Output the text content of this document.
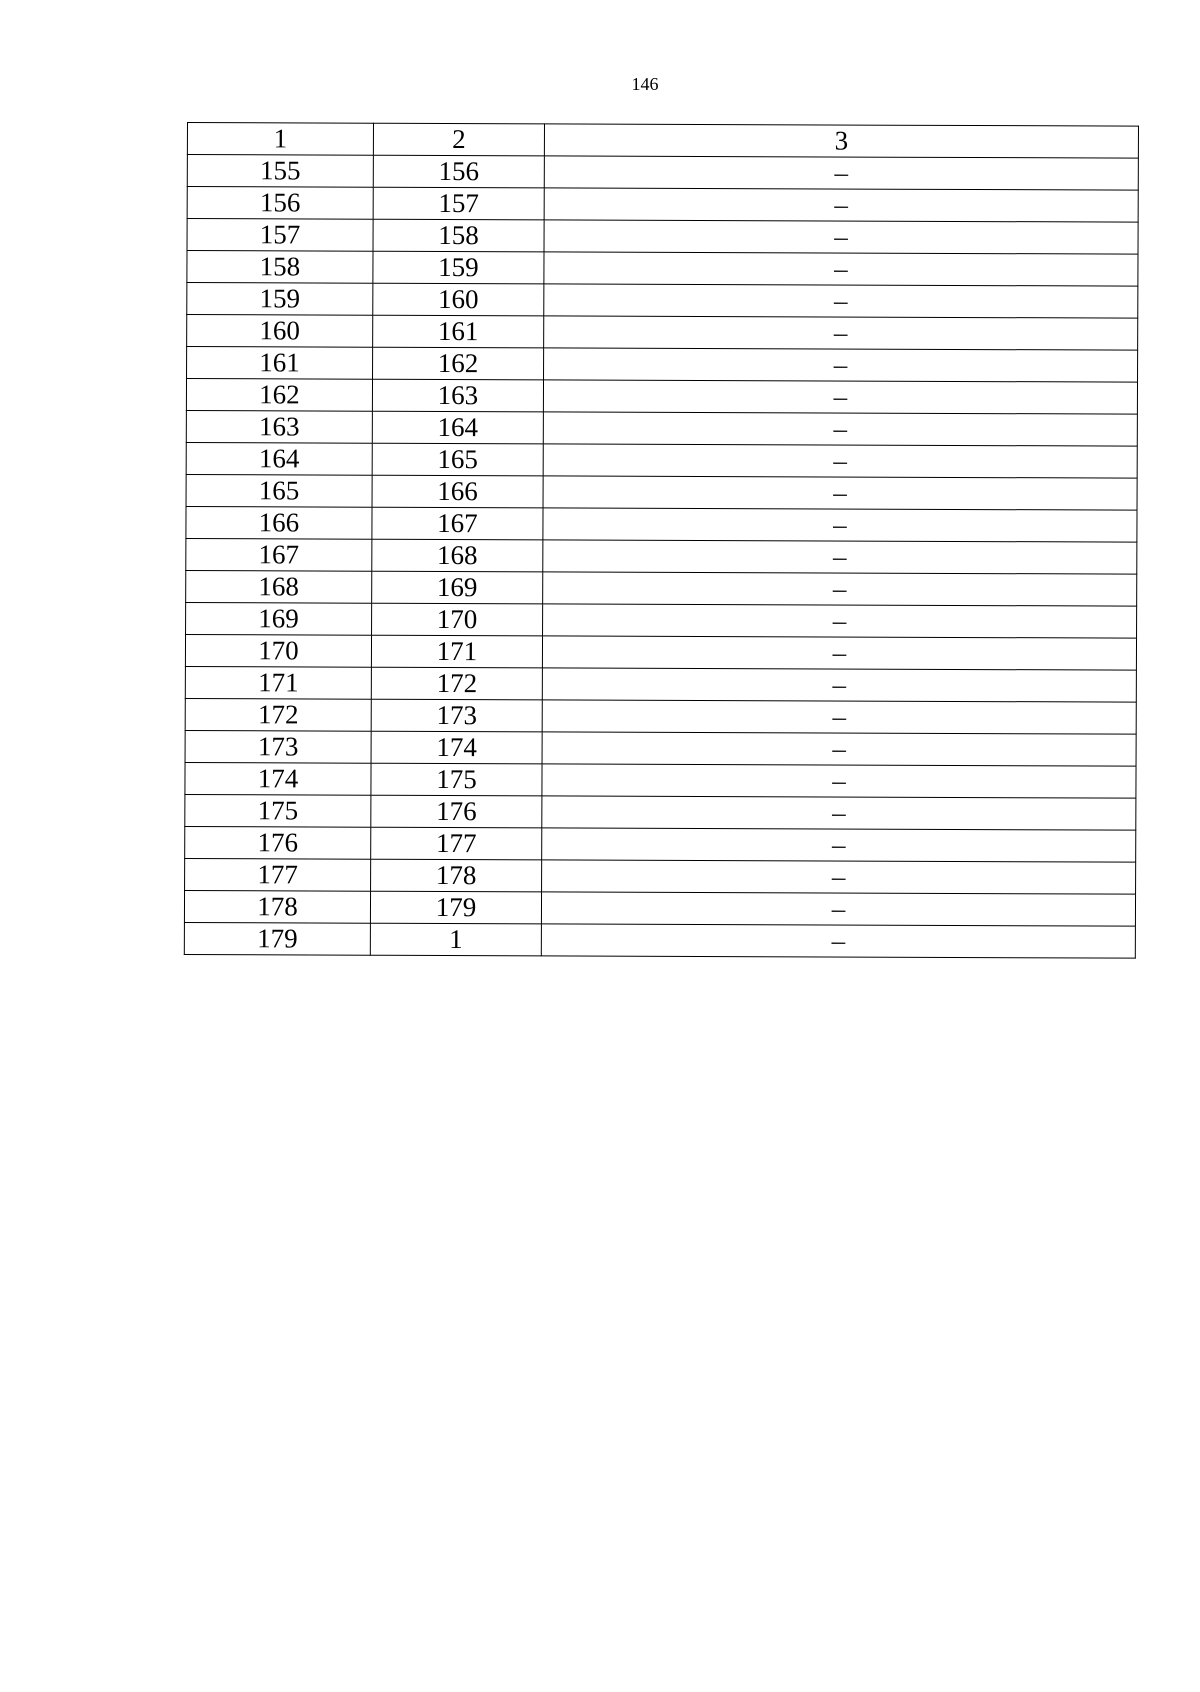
146
1	2	3
155	156	–
156	157	–
157	158	–
158	159	–
159	160	–
160	161	–
161	162	–
162	163	–
163	164	–
164	165	–
165	166	–
166	167	–
167	168	–
168	169	–
169	170	–
170	171	–
171	172	–
172	173	–
173	174	–
174	175	–
175	176	–
176	177	–
177	178	–
178	179	–
179	1	–
